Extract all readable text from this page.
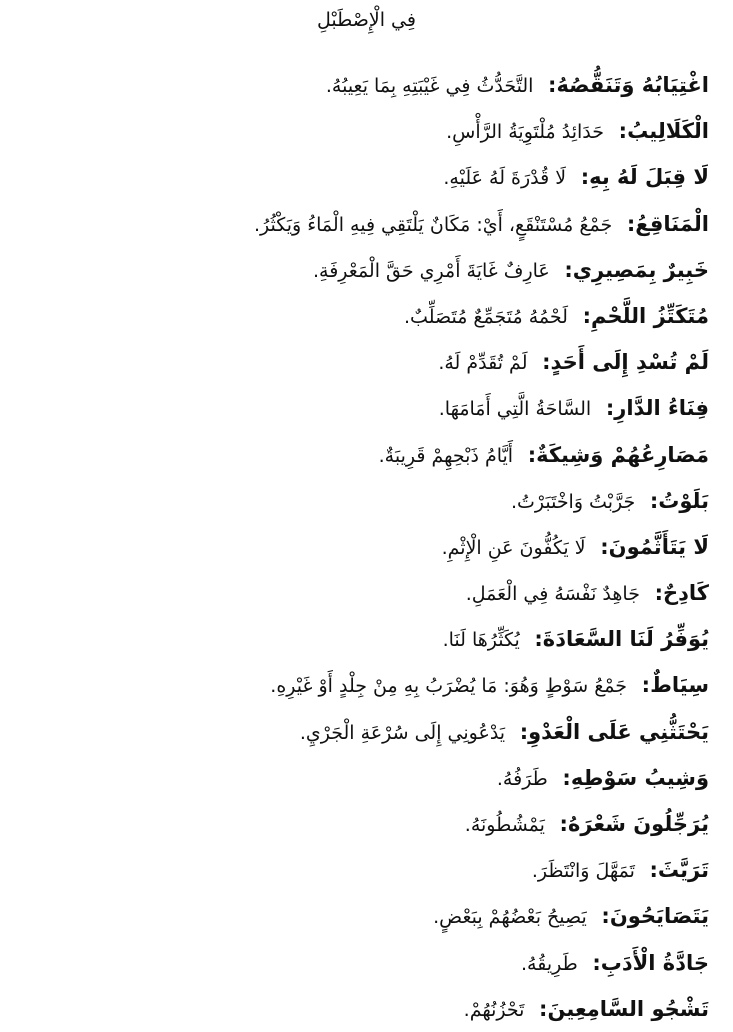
فِي الْإِصْطَبْلِ
اغْتِيَابُهُ وَتَنَقُّصُهُ:  التَّحَدُّثُ فِي غَيْبَتِهِ بِمَا يَعِيبُهُ.
الْكَلَالِيبُ:  حَدَائِدُ مُلْتَوِيَةُ الرَّأْسِ.
لَا قِبَلَ لَهُ بِهِ:  لَا قُدْرَةَ لَهُ عَلَيْهِ.
الْمَنَاقِعُ:  جَمْعُ مُسْتَنْقَعٍ، أَيْ: مَكَانٌ يَلْتَقِي فِيهِ الْمَاءُ وَيَكْثُرُ.
خَبِيرٌ بِمَصِيرِي:  عَارِفٌ غَايَةَ أَمْرِي حَقَّ الْمَعْرِفَةِ.
مُتَكَتِّزُ اللَّحْمِ:  لَحْمُهُ مُتَجَمِّعٌ مُتَصَلِّبٌ.
لَمْ تُسْدِ إِلَى أَحَدٍ:  لَمْ تُقَدِّمْ لَهُ.
فِنَاءُ الدَّارِ:  السَّاحَةُ الَّتِي أَمَامَهَا.
مَصَارِعُهُمْ وَشِيكَةٌ:  أَيَّامُ ذَبْحِهِمْ قَرِيبَةٌ.
بَلَوْتُ:  جَرَّبْتُ وَاخْتَبَرْتُ.
لَا يَتَأَثَّمُونَ:  لَا يَكُفُّونَ عَنِ الْإِثْمِ.
كَادِحٌ:  جَاهِدٌ نَفْسَهُ فِي الْعَمَلِ.
يُوَفِّرُ لَنَا السَّعَادَةَ:  يُكَثِّرُهَا لَنَا.
سِيَاطٌ:  جَمْعُ سَوْطٍ وَهُوَ: مَا يُضْرَبُ بِهِ مِنْ جِلْدٍ أَوْ غَيْرِهِ.
يَحْتَثُّنِي عَلَى الْعَدْوِ:  يَدْعُونِي إِلَى سُرْعَةِ الْجَرْيِ.
وَشِيبُ سَوْطِهِ:  طَرَفُهُ.
يُرَجِّلُونَ شَعْرَهُ:  يَمْشُطُونَهُ.
تَرَيَّثَ:  تَمَهَّلَ وَانْتَظَرَ.
يَتَصَايَحُونَ:  يَصِيحُ بَعْضُهُمْ بِبَعْضٍ.
جَادَّةُ الْأَدَبِ:  طَرِيقُهُ.
تَشْجُو السَّامِعِينَ:  تَحْزُنُهُمْ.
